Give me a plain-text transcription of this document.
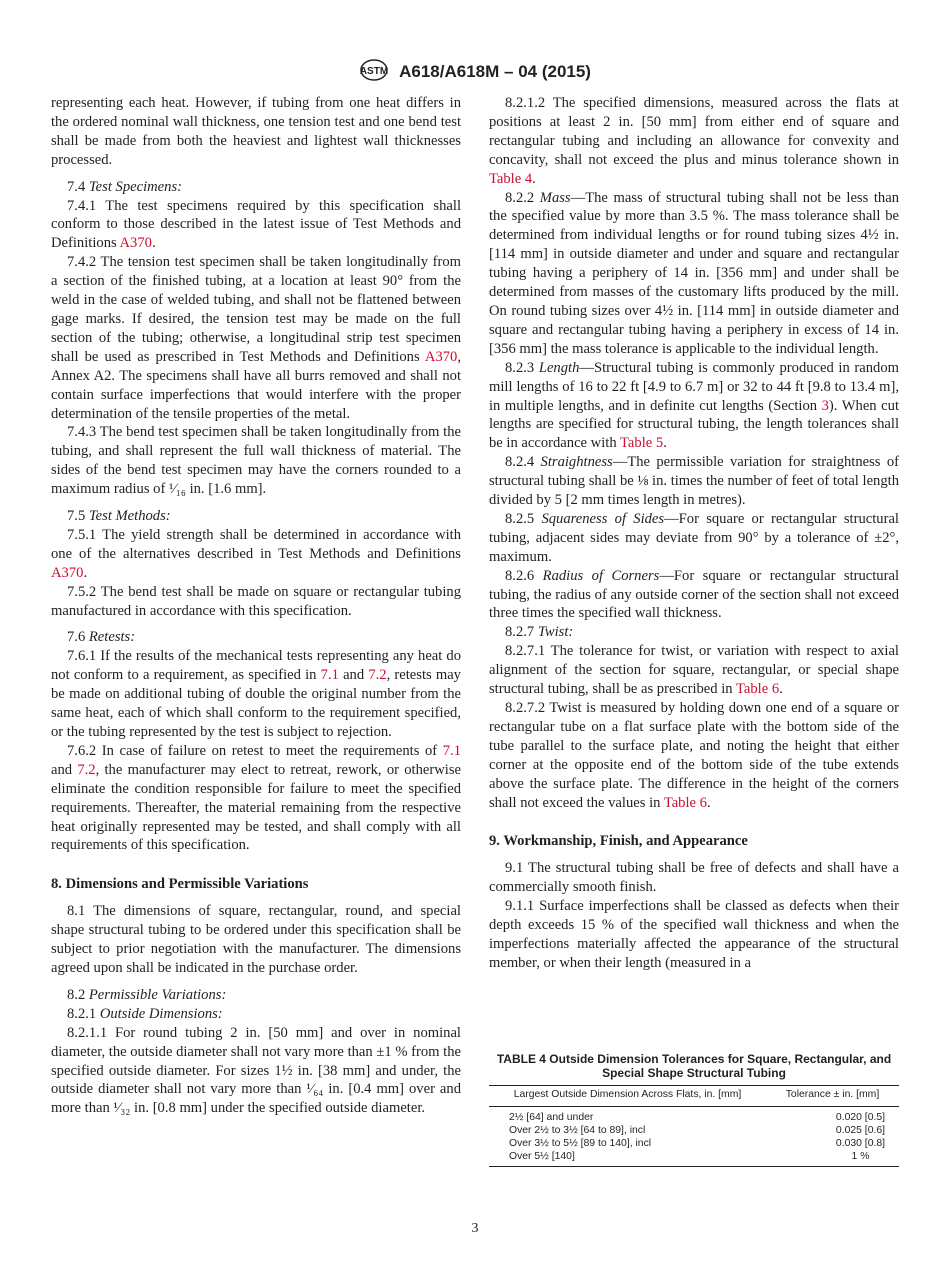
ASTM A618/A618M – 04 (2015)

representing each heat. However, if tubing from one heat differs in the ordered nominal wall thickness, one tension test and one bend test shall be made from both the heaviest and lightest wall thicknesses processed.

7.4 Test Specimens:

7.4.1 The test specimens required by this specification shall conform to those described in the latest issue of Test Methods and Definitions A370.

7.4.2 The tension test specimen shall be taken longitudinally from a section of the finished tubing, at a location at least 90° from the weld in the case of welded tubing, and shall not be flattened between gage marks. If desired, the tension test may be made on the full section of the tubing; otherwise, a longitudinal strip test specimen shall be used as prescribed in Test Methods and Definitions A370, Annex A2. The specimens shall have all burrs removed and shall not contain surface imperfections that would interfere with the proper determination of the tensile properties of the metal.

7.4.3 The bend test specimen shall be taken longitudinally from the tubing, and shall represent the full wall thickness of material. The sides of the bend test specimen may have the corners rounded to a maximum radius of ¹⁄₁₆ in. [1.6 mm].

7.5 Test Methods:

7.5.1 The yield strength shall be determined in accordance with one of the alternatives described in Test Methods and Definitions A370.

7.5.2 The bend test shall be made on square or rectangular tubing manufactured in accordance with this specification.

7.6 Retests:

7.6.1 If the results of the mechanical tests representing any heat do not conform to a requirement, as specified in 7.1 and 7.2, retests may be made on additional tubing of double the original number from the same heat, each of which shall conform to the requirement specified, or the tubing represented by the test is subject to rejection.

7.6.2 In case of failure on retest to meet the requirements of 7.1 and 7.2, the manufacturer may elect to retreat, rework, or otherwise eliminate the condition responsible for failure to meet the specified requirements. Thereafter, the material remaining from the respective heat originally represented may be tested, and shall comply with all requirements of this specification.

8. Dimensions and Permissible Variations

8.1 The dimensions of square, rectangular, round, and special shape structural tubing to be ordered under this specification shall be subject to prior negotiation with the manufacturer. The dimensions agreed upon shall be indicated in the purchase order.

8.2 Permissible Variations:

8.2.1 Outside Dimensions:

8.2.1.1 For round tubing 2 in. [50 mm] and over in nominal diameter, the outside diameter shall not vary more than ±1 % from the specified outside diameter. For sizes 1½ in. [38 mm] and under, the outside diameter shall not vary more than ¹⁄₆₄ in. [0.4 mm] over and more than ¹⁄₃₂ in. [0.8 mm] under the specified outside diameter.

8.2.1.2 The specified dimensions, measured across the flats at positions at least 2 in. [50 mm] from either end of square and rectangular tubing and including an allowance for convexity and concavity, shall not exceed the plus and minus tolerance shown in Table 4.

8.2.2 Mass—The mass of structural tubing shall not be less than the specified value by more than 3.5 %. The mass tolerance shall be determined from individual lengths or for round tubing sizes 4½ in. [114 mm] in outside diameter and under and square and rectangular tubing having a periphery of 14 in. [356 mm] and under shall be determined from masses of the customary lifts produced by the mill. On round tubing sizes over 4½ in. [114 mm] in outside diameter and square and rectangular tubing having a periphery in excess of 14 in. [356 mm] the mass tolerance is applicable to the individual length.

8.2.3 Length—Structural tubing is commonly produced in random mill lengths of 16 to 22 ft [4.9 to 6.7 m] or 32 to 44 ft [9.8 to 13.4 m], in multiple lengths, and in definite cut lengths (Section 3). When cut lengths are specified for structural tubing, the length tolerances shall be in accordance with Table 5.

8.2.4 Straightness—The permissible variation for straightness of structural tubing shall be ⅛ in. times the number of feet of total length divided by 5 [2 mm times length in metres).

8.2.5 Squareness of Sides—For square or rectangular structural tubing, adjacent sides may deviate from 90° by a tolerance of ±2°, maximum.

8.2.6 Radius of Corners—For square or rectangular structural tubing, the radius of any outside corner of the section shall not exceed three times the specified wall thickness.

8.2.7 Twist:

8.2.7.1 The tolerance for twist, or variation with respect to axial alignment of the section for square, rectangular, or special shape structural tubing, shall be as prescribed in Table 6.

8.2.7.2 Twist is measured by holding down one end of a square or rectangular tube on a flat surface plate with the bottom side of the tube parallel to the surface plate, and noting the height that either corner at the opposite end of the bottom side of the tube extends above the surface plate. The difference in the height of the corners shall not exceed the values in Table 6.

9. Workmanship, Finish, and Appearance

9.1 The structural tubing shall be free of defects and shall have a commercially smooth finish.

9.1.1 Surface imperfections shall be classed as defects when their depth exceeds 15 % of the specified wall thickness and when the imperfections materially affected the appearance of the structural member, or when their length (measured in a

TABLE 4 Outside Dimension Tolerances for Square, Rectangular, and Special Shape Structural Tubing
Largest Outside Dimension Across Flats, in. [mm]	Tolerance ± in. [mm]
2½ [64] and under	0.020 [0.5]
Over 2½ to 3½ [64 to 89], incl	0.025 [0.6]
Over 3½ to 5½ [89 to 140], incl	0.030 [0.8]
Over 5½ [140]	1 %
3
